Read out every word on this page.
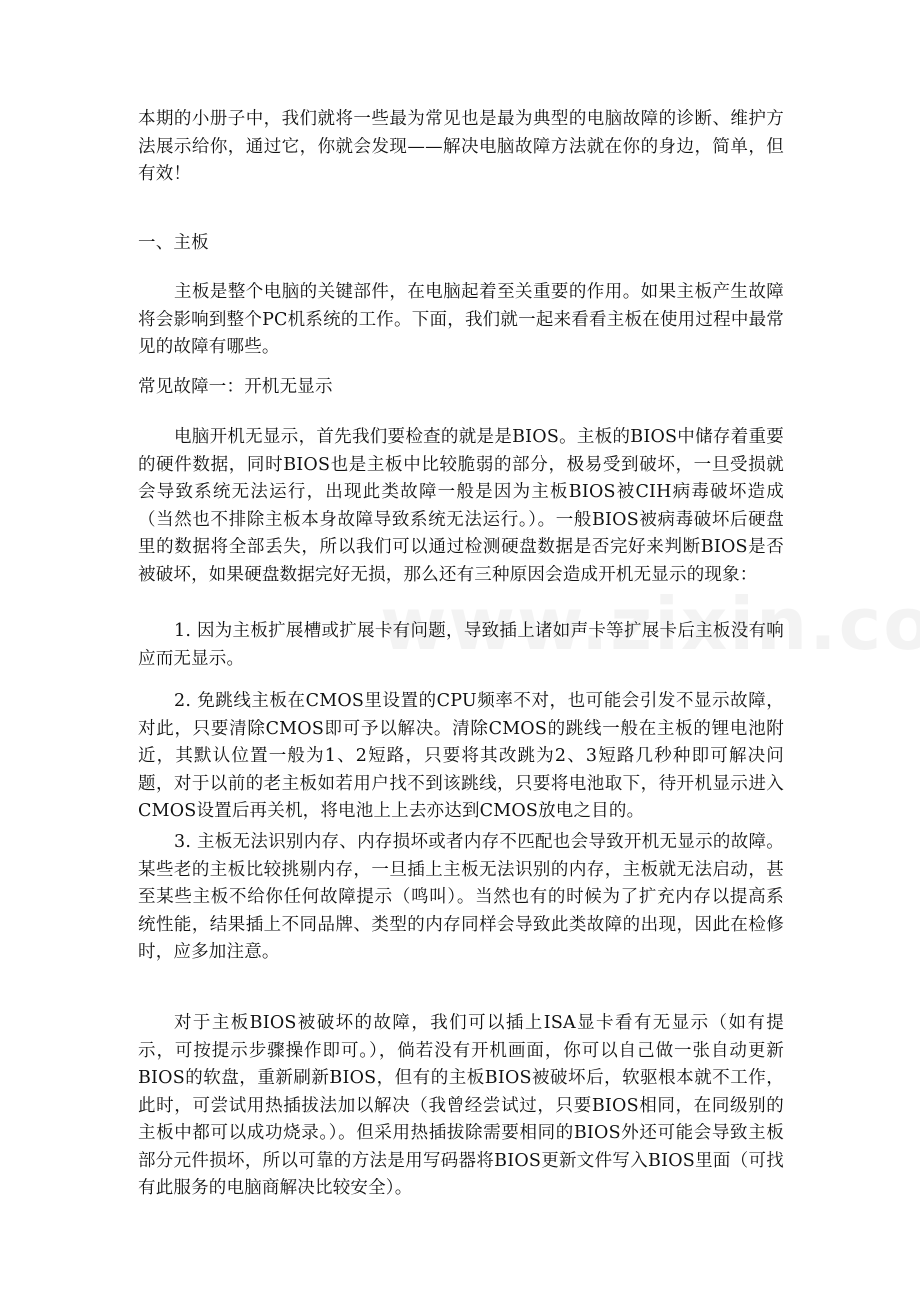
本期的小册子中，我们就将一些最为常见也是最为典型的电脑故障的诊断、维护方法展示给你，通过它，你就会发现——解决电脑故障方法就在你的身边，简单，但有效！

一、主板

主板是整个电脑的关键部件，在电脑起着至关重要的作用。如果主板产生故障将会影响到整个PC机系统的工作。下面，我们就一起来看看主板在使用过程中最常见的故障有哪些。

常见故障一：开机无显示

电脑开机无显示，首先我们要检查的就是是BIOS。主板的BIOS中储存着重要的硬件数据，同时BIOS也是主板中比较脆弱的部分，极易受到破坏，一旦受损就会导致系统无法运行，出现此类故障一般是因为主板BIOS被CIH病毒破坏造成（当然也不排除主板本身故障导致系统无法运行。）。一般BIOS被病毒破坏后硬盘里的数据将全部丢失，所以我们可以通过检测硬盘数据是否完好来判断BIOS是否被破坏，如果硬盘数据完好无损，那么还有三种原因会造成开机无显示的现象：

1. 因为主板扩展槽或扩展卡有问题，导致插上诸如声卡等扩展卡后主板没有响应而无显示。

2. 免跳线主板在CMOS里设置的CPU频率不对，也可能会引发不显示故障，对此，只要清除CMOS即可予以解决。清除CMOS的跳线一般在主板的锂电池附近，其默认位置一般为1、2短路，只要将其改跳为2、3短路几秒种即可解决问题，对于以前的老主板如若用户找不到该跳线，只要将电池取下，待开机显示进入CMOS设置后再关机，将电池上上去亦达到CMOS放电之目的。

3. 主板无法识别内存、内存损坏或者内存不匹配也会导致开机无显示的故障。某些老的主板比较挑剔内存，一旦插上主板无法识别的内存，主板就无法启动，甚至某些主板不给你任何故障提示（鸣叫）。当然也有的时候为了扩充内存以提高系统性能，结果插上不同品牌、类型的内存同样会导致此类故障的出现，因此在检修时，应多加注意。

对于主板BIOS被破坏的故障，我们可以插上ISA显卡看有无显示（如有提示，可按提示步骤操作即可。），倘若没有开机画面，你可以自己做一张自动更新BIOS的软盘，重新刷新BIOS，但有的主板BIOS被破坏后，软驱根本就不工作，此时，可尝试用热插拔法加以解决（我曾经尝试过，只要BIOS相同，在同级别的主板中都可以成功烧录。）。但采用热插拔除需要相同的BIOS外还可能会导致主板部分元件损坏，所以可靠的方法是用写码器将BIOS更新文件写入BIOS里面（可找有此服务的电脑商解决比较安全）。
